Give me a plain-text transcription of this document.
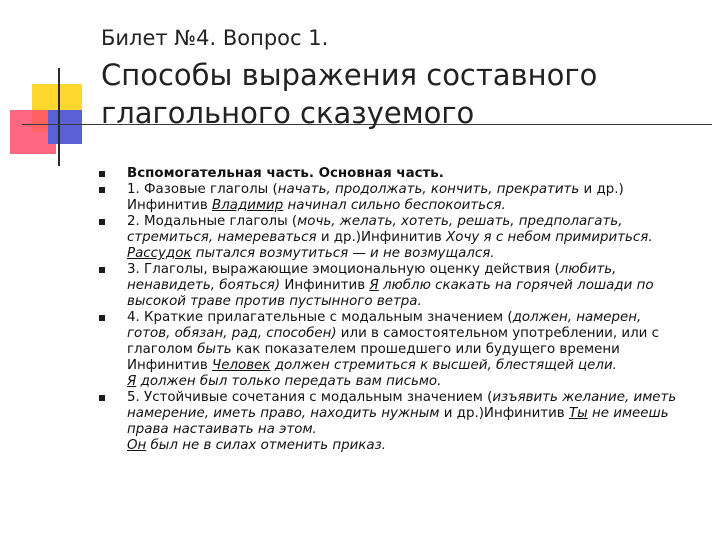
Билет №4. Вопрос 1.
Способы выражения составного
глагольного сказуемого
Вспомогательная часть. Основная часть.
1. Фазовые глаголы (начать, продолжать, кончить, прекратить и др.)
Инфинитив Владимир начинал сильно беспокоиться.
2. Модальные глаголы (мочь, желать, хотеть, решать, предполагать,
стремиться, намереваться и др.)Инфинитив Хочу я с небом примириться.
Рассудок пытался возмутиться — и не возмущался.
3. Глаголы, выражающие эмоциональную оценку действия (любить,
ненавидеть, бояться) Инфинитив Я люблю скакать на горячей лошади по
высокой траве против пустынного ветра.
4. Краткие прилагательные с модальным значением (должен, намерен,
готов, обязан, рад, способен) или в самостоятельном употреблении, или с
глаголом быть как показателем прошедшего или будущего времени
Инфинитив Человек должен стремиться к высшей, блестящей цели.
Я должен был только передать вам письмо.
5. Устойчивые сочетания с модальным значением (изъявить желание, иметь
намерение, иметь право, находить нужным и др.)Инфинитив Ты не имеешь
права настаивать на этом.
Он был не в силах отменить приказ.
